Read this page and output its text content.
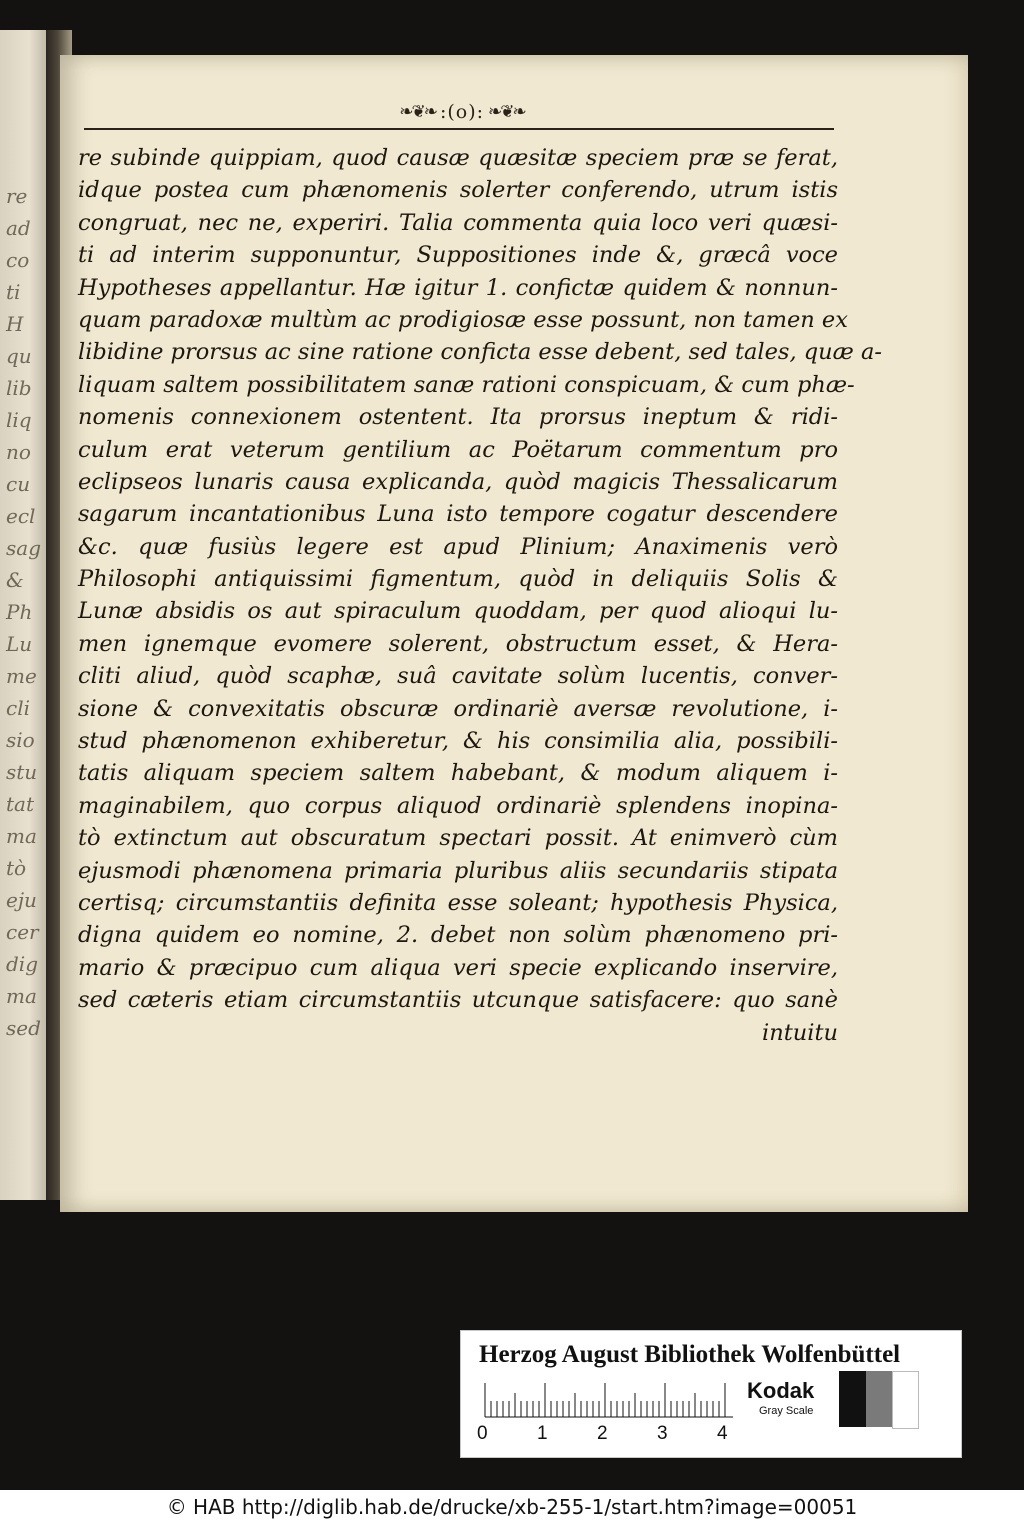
re
ad
co
ti
H
qu
lib
liq
no
cu
ecl
sag
&
Ph
Lu
me
cli
sio
stu
tat
ma
tò
eju
cer
dig
ma
sed
❧❦❧ :(o): ❧❦❧
re subinde quippiam, quod causæ quæsitæ speciem præ se ferat,
idque postea cum phænomenis solerter conferendo, utrum istis
congruat, nec ne, experiri. Talia commenta quia loco veri quæsi-
ti ad interim supponuntur, Suppositiones inde &, græcâ voce
Hypotheses appellantur. Hæ igitur 1. confictæ quidem & nonnun-
quam paradoxæ multùm ac prodigiosæ esse possunt, non tamen ex
libidine prorsus ac sine ratione conficta esse debent, sed tales, quæ a-
liquam saltem possibilitatem sanæ rationi conspicuam, & cum phæ-
nomenis connexionem ostentent. Ita prorsus ineptum & ridi-
culum erat veterum gentilium ac Poëtarum commentum pro
eclipseos lunaris causa explicanda, quòd magicis Thessalicarum
sagarum incantationibus Luna isto tempore cogatur descendere
&c. quæ fusiùs legere est apud Plinium; Anaximenis verò
Philosophi antiquissimi figmentum, quòd in deliquiis Solis &
Lunæ absidis os aut spiraculum quoddam, per quod alioqui lu-
men ignemque evomere solerent, obstructum esset, & Hera-
cliti aliud, quòd scaphæ, suâ cavitate solùm lucentis, conver-
sione & convexitatis obscuræ ordinariè aversæ revolutione, i-
stud phænomenon exhiberetur, & his consimilia alia, possibili-
tatis aliquam speciem saltem habebant, & modum aliquem i-
maginabilem, quo corpus aliquod ordinariè splendens inopina-
tò extinctum aut obscuratum spectari possit. At enimverò cùm
ejusmodi phænomena primaria pluribus aliis secundariis stipata
certisq; circumstantiis definita esse soleant; hypothesis Physica,
digna quidem eo nomine, 2. debet non solùm phænomeno pri-
mario & præcipuo cum aliqua veri specie explicando inservire,
sed cæteris etiam circumstantiis utcunque satisfacere: quo sanè
intuitu
Herzog August Bibliothek Wolfenbüttel
0	1	2	3	4
Kodak
Gray Scale
© HAB http://diglib.hab.de/drucke/xb-255-1/start.htm?image=00051
